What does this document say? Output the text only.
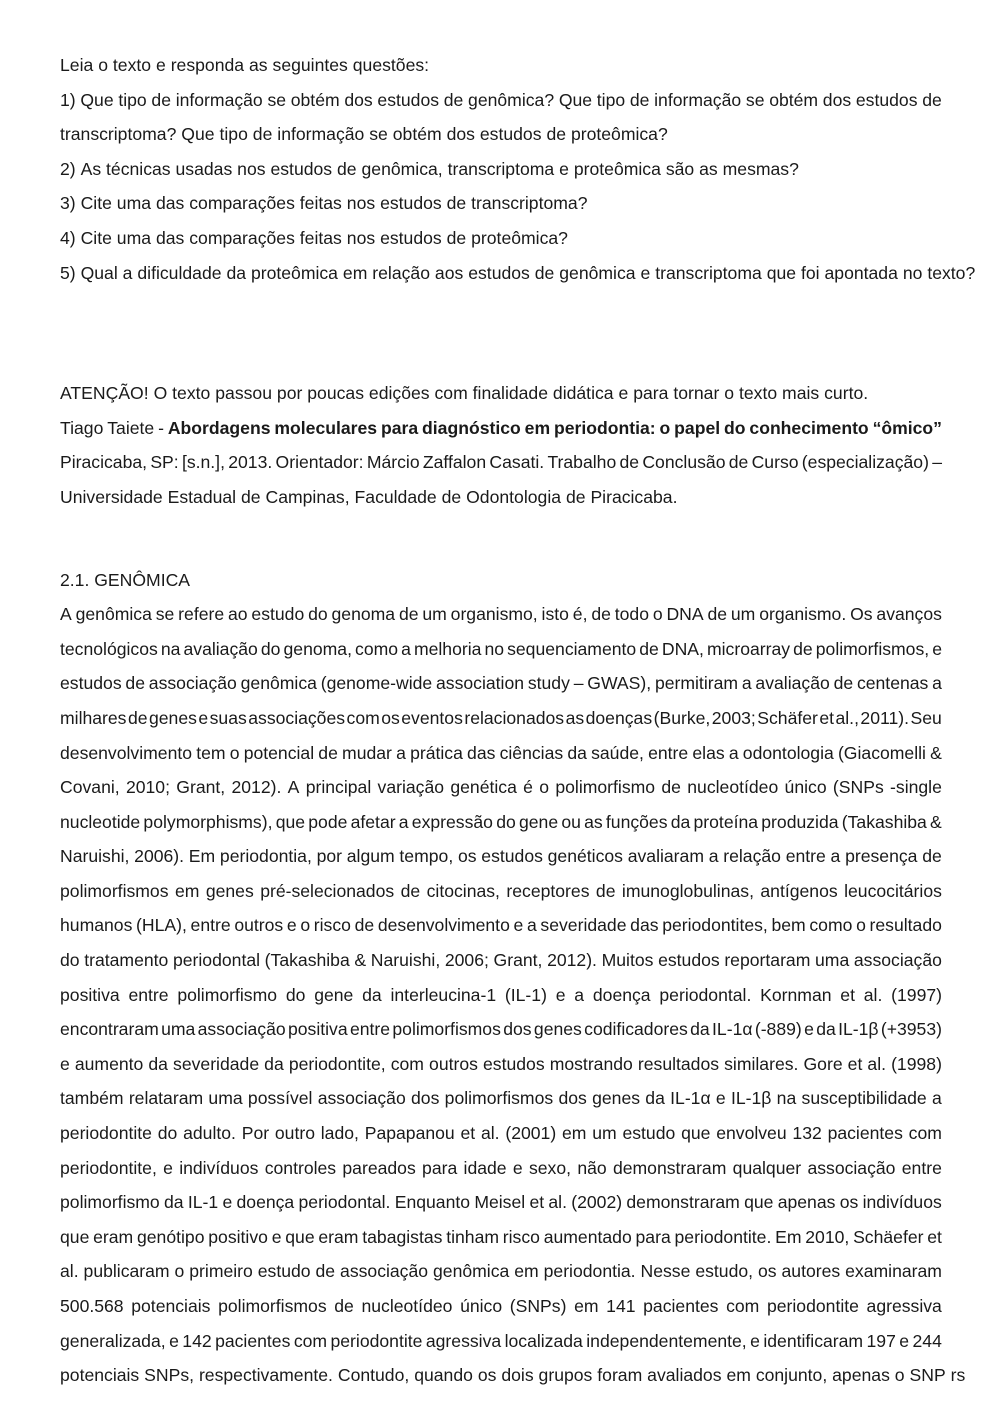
Leia o texto e responda as seguintes questões:
1) Que tipo de informação se obtém dos estudos de genômica? Que tipo de informação se obtém dos estudos de
transcriptoma? Que tipo de informação se obtém dos estudos de proteômica?
2) As técnicas usadas nos estudos de genômica, transcriptoma e proteômica são as mesmas?
3) Cite uma das comparações feitas nos estudos de transcriptoma?
4) Cite uma das comparações feitas nos estudos de proteômica?
5) Qual a dificuldade da proteômica em relação aos estudos de genômica e transcriptoma que foi apontada no texto?
ATENÇÃO! O texto passou por poucas edições com finalidade didática e para tornar o texto mais curto.
Tiago Taiete - Abordagens moleculares para diagnóstico em periodontia: o papel do conhecimento “ômico”
Piracicaba, SP: [s.n.], 2013. Orientador: Márcio Zaffalon Casati. Trabalho de Conclusão de Curso (especialização) –
Universidade Estadual de Campinas, Faculdade de Odontologia de Piracicaba.
2.1. GENÔMICA
A genômica se refere ao estudo do genoma de um organismo, isto é, de todo o DNA de um organismo. Os avanços
tecnológicos na avaliação do genoma, como a melhoria no sequenciamento de DNA, microarray de polimorfismos, e
estudos de associação genômica (genome-wide association study – GWAS), permitiram a avaliação de centenas a
milhares de genes e suas associações com os eventos relacionados as doenças (Burke, 2003; Schäfer et al., 2011). Seu
desenvolvimento tem o potencial de mudar a prática das ciências da saúde, entre elas a odontologia (Giacomelli &
Covani, 2010; Grant, 2012). A principal variação genética é o polimorfismo de nucleotídeo único (SNPs -single
nucleotide polymorphisms), que pode afetar a expressão do gene ou as funções da proteína produzida (Takashiba &
Naruishi, 2006). Em periodontia, por algum tempo, os estudos genéticos avaliaram a relação entre a presença de
polimorfismos em genes pré-selecionados de citocinas, receptores de imunoglobulinas, antígenos leucocitários
humanos (HLA), entre outros e o risco de desenvolvimento e a severidade das periodontites, bem como o resultado
do tratamento periodontal (Takashiba & Naruishi, 2006; Grant, 2012). Muitos estudos reportaram uma associação
positiva entre polimorfismo do gene da interleucina-1 (IL-1) e a doença periodontal. Kornman et al. (1997)
encontraram uma associação positiva entre polimorfismos dos genes codificadores da IL-1α (-889) e da IL-1β (+3953)
e aumento da severidade da periodontite, com outros estudos mostrando resultados similares. Gore et al. (1998)
também relataram uma possível associação dos polimorfismos dos genes da IL-1α e IL-1β na susceptibilidade a
periodontite do adulto. Por outro lado, Papapanou et al. (2001) em um estudo que envolveu 132 pacientes com
periodontite, e indivíduos controles pareados para idade e sexo, não demonstraram qualquer associação entre
polimorfismo da IL-1 e doença periodontal. Enquanto Meisel et al. (2002) demonstraram que apenas os indivíduos
que eram genótipo positivo e que eram tabagistas tinham risco aumentado para periodontite. Em 2010, Schäefer et
al. publicaram o primeiro estudo de associação genômica em periodontia. Nesse estudo, os autores examinaram
500.568 potenciais polimorfismos de nucleotídeo único (SNPs) em 141 pacientes com periodontite agressiva
generalizada, e 142 pacientes com periodontite agressiva localizada independentemente, e identificaram 197 e 244
potenciais SNPs, respectivamente. Contudo, quando os dois grupos foram avaliados em conjunto, apenas o SNP rs
